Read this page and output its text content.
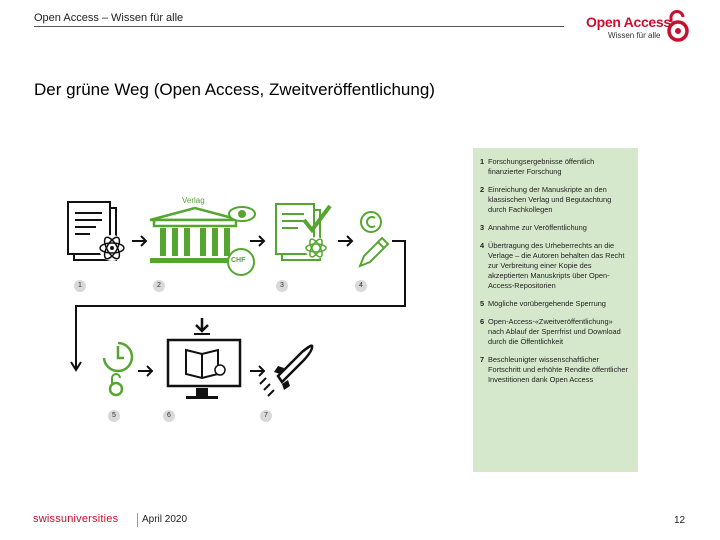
Open Access – Wissen für alle	Open Access
Wissen für alle
Der grüne Weg (Open Access, Zweitveröffentlichung)
Verlag
CHF
1	2	3	4
5	6	7
1 Forschungsergebnisse öffentlich finanzierter Forschung
2 Einreichung der Manuskripte an den klassischen Verlag und Begutachtung durch Fachkollegen
3 Annahme zur Veröffentlichung
4 Übertragung des Urheberrechts an die Verlage – die Autoren behalten das Recht zur Verbreitung einer Kopie des akzeptierten Manuskripts über Open-Access-Repositorien
5 Mögliche vorübergehende Sperrung
6 Open-Access-«Zweitveröffentlichung» nach Ablauf der Sperrfrist und Download durch die Öffentlichkeit
7 Beschleunigter wissenschaftlicher Fortschritt und erhöhte Rendite öffentlicher Investitionen dank Open Access
swissuniversities April 2020	12
